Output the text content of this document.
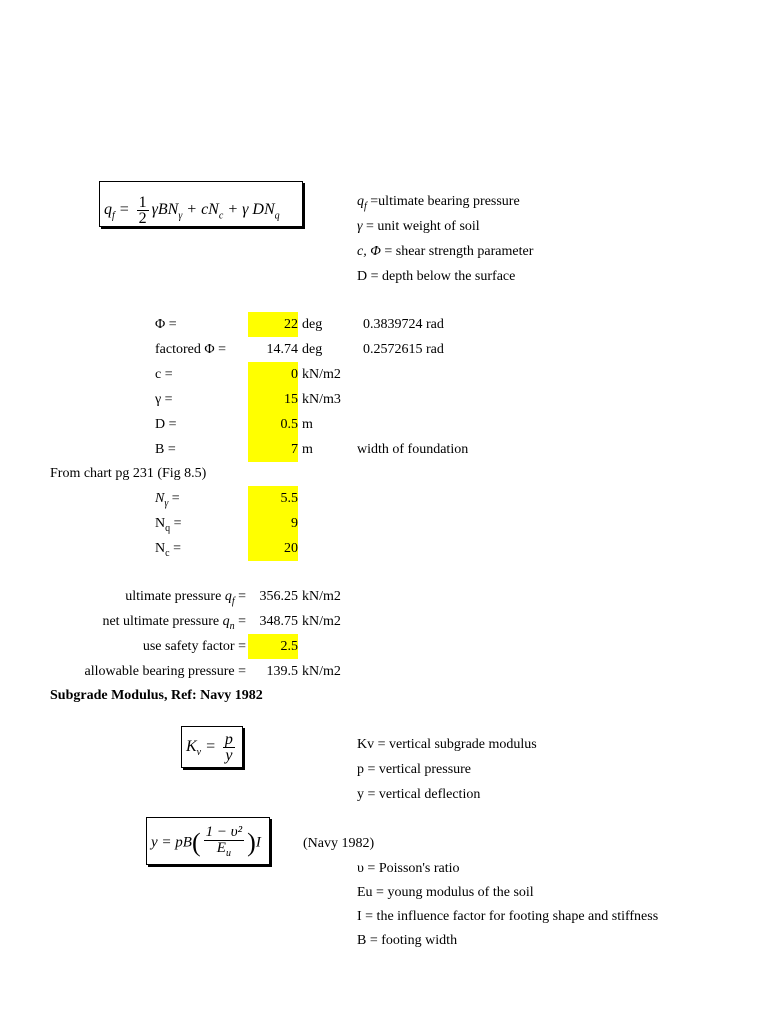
$q_f = \frac{1}{2} \gamma BN_\gamma + cN_c + \gamma$ $DN_q$
$q_f$ =ultimate bearing pressure
γ = unit weight of soil
c, Φ = shear strength parameter
D = depth below the surface
Φ =	22 deg	0.3839724 rad
factored Φ =	14.74 deg	0.2572615 rad
c =	0 kN/m2
γ =	15 kN/m3
D =	0.5 m
B =	7 m	width of foundation
From chart pg 231 (Fig 8.5)
$N_\gamma$ =	5.5
$N_q$ =	9
$N_c$ =	20
ultimate pressure $q_f = 356.25$ kN/m2
net ultimate pressure $q_n = 348.75$ kN/m2
use safety factor =	2.5
allowable bearing pressure =	139.5 kN/m2
Subgrade Modulus, Ref: Navy 1982
$K_v = \frac{p}{y}$	Kv = vertical subgrade modulus
p = vertical pressure
y = vertical deflection
$y = pB( \frac{\text{1 − υ²}}{E_u} )I$	(Navy 1982)
υ = Poisson's ratio
Eu = young modulus of the soil
I = the influence factor for footing shape and stiffness
B = footing width
